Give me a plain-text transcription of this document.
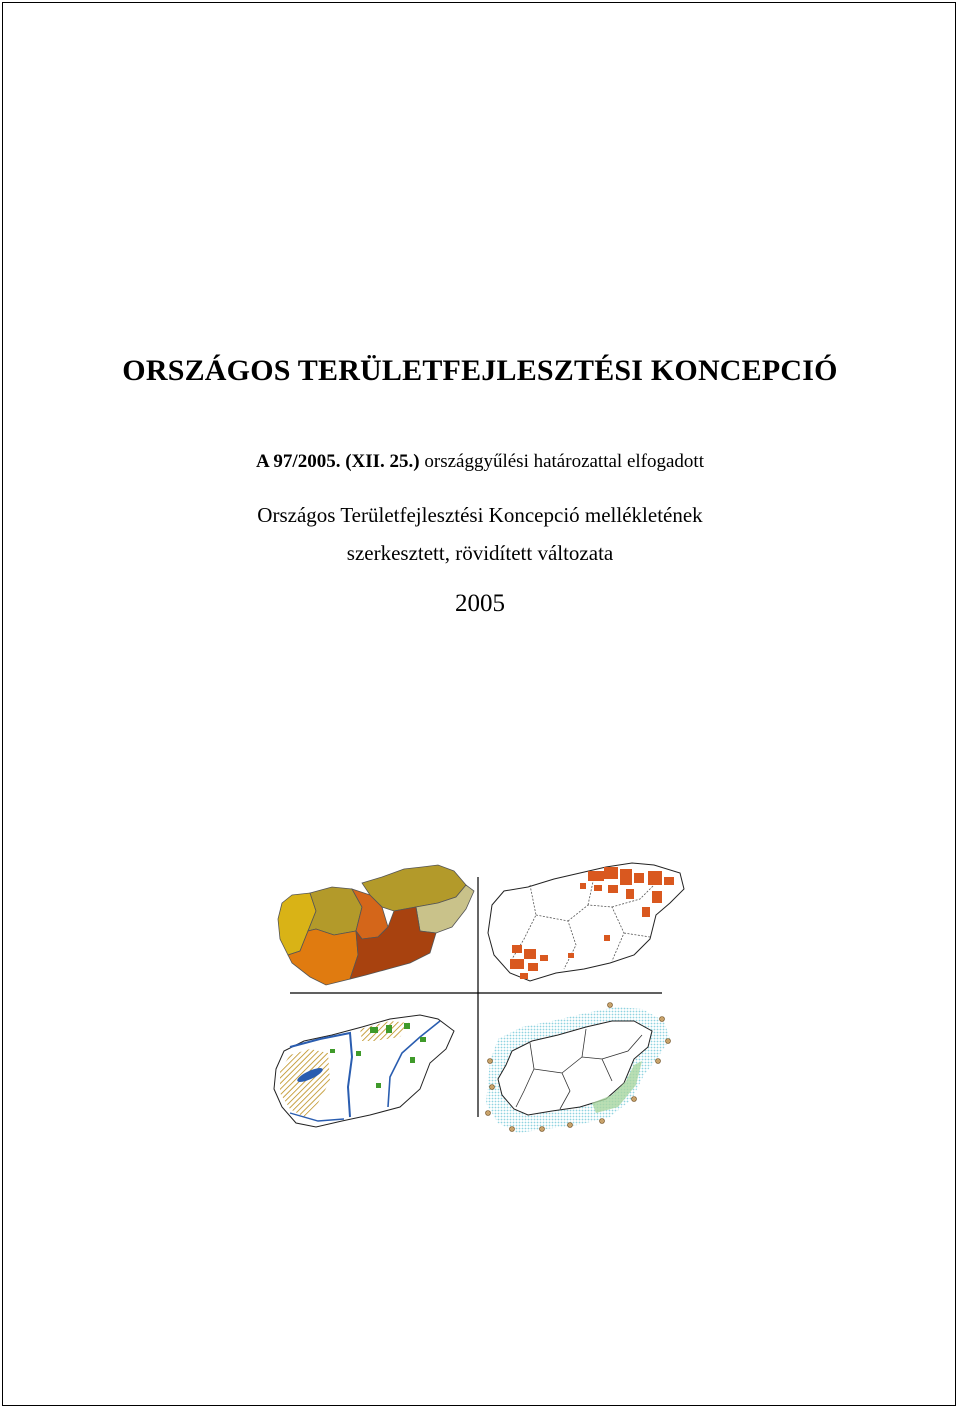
ORSZÁGOS TERÜLETFEJLESZTÉSI KONCEPCIÓ
A 97/2005. (XII. 25.) országgyűlési határozattal elfogadott
Országos Területfejlesztési Koncepció mellékletének
szerkesztett, rövidített változata
2005
